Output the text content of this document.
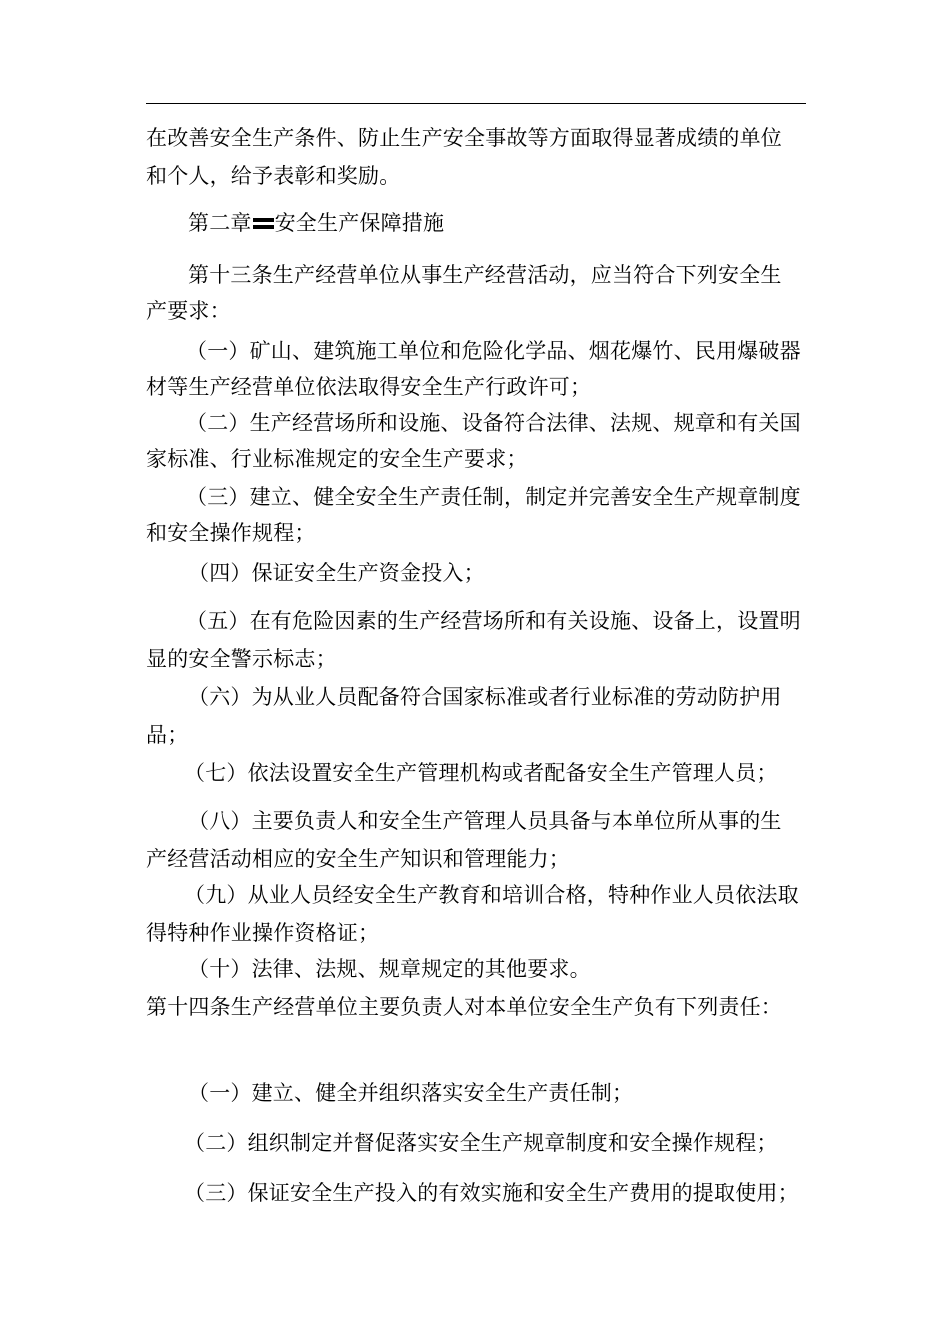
在改善安全生产条件、防止生产安全事故等方面取得显著成绩的单位
和个人，给予表彰和奖励。
第二章 安全生产保障措施
第十三条生产经营单位从事生产经营活动，应当符合下列安全生
产要求：
（一）矿山、建筑施工单位和危险化学品、烟花爆竹、民用爆破器
材等生产经营单位依法取得安全生产行政许可；
（二）生产经营场所和设施、设备符合法律、法规、规章和有关国
家标准、行业标准规定的安全生产要求；
（三）建立、健全安全生产责任制，制定并完善安全生产规章制度
和安全操作规程；
（四）保证安全生产资金投入；
（五）在有危险因素的生产经营场所和有关设施、设备上，设置明
显的安全警示标志；
（六）为从业人员配备符合国家标准或者行业标准的劳动防护用
品；
（七）依法设置安全生产管理机构或者配备安全生产管理人员；
（八）主要负责人和安全生产管理人员具备与本单位所从事的生
产经营活动相应的安全生产知识和管理能力；
（九）从业人员经安全生产教育和培训合格，特种作业人员依法取
得特种作业操作资格证；
（十）法律、法规、规章规定的其他要求。
第十四条生产经营单位主要负责人对本单位安全生产负有下列责任：
（一）建立、健全并组织落实安全生产责任制；
（二）组织制定并督促落实安全生产规章制度和安全操作规程；
（三）保证安全生产投入的有效实施和安全生产费用的提取使用；
